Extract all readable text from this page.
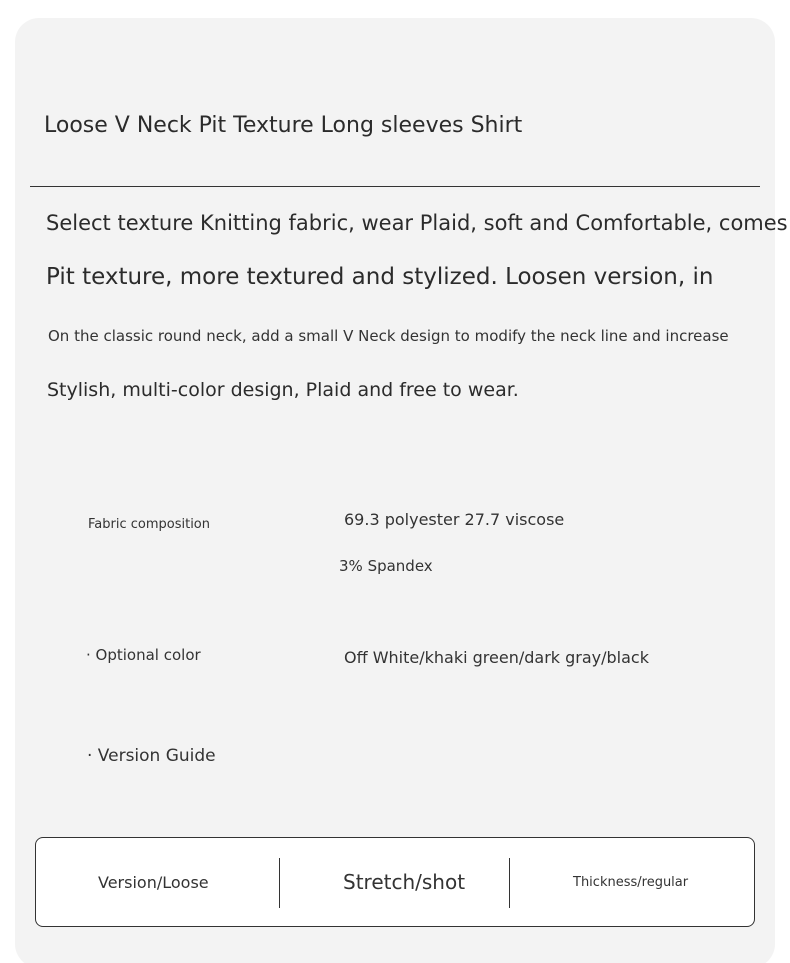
Loose V Neck Pit Texture Long sleeves Shirt
Select texture Knitting fabric, wear Plaid, soft and Comfortable, comes
Pit texture, more textured and stylized. Loosen version, in
On the classic round neck, add a small V Neck design to modify the neck line and increase
Stylish, multi-color design, Plaid and free to wear.
Fabric composition	69.3 polyester 27.7 viscose
3% Spandex
· Optional color	Off White/khaki green/dark gray/black
· Version Guide
Version/Loose	Stretch/shot	Thickness/regular
